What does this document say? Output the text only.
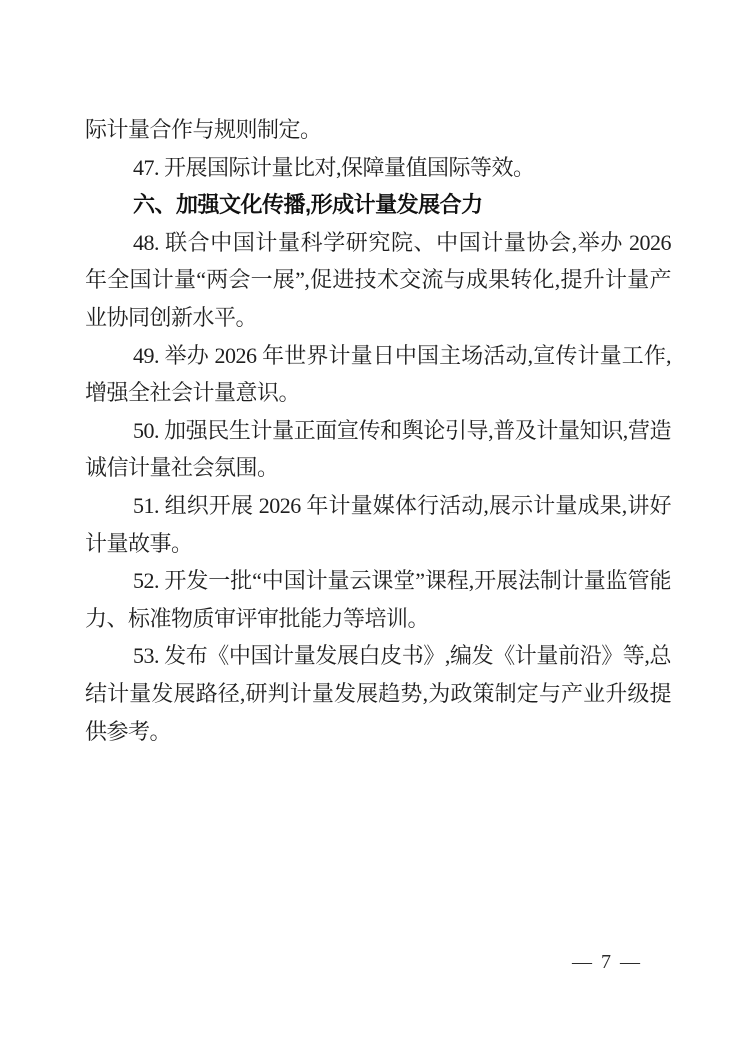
际计量合作与规则制定。

47. 开展国际计量比对,保障量值国际等效。

六、加强文化传播,形成计量发展合力

48. 联合中国计量科学研究院、中国计量协会,举办 2026 年全国计量“两会一展”,促进技术交流与成果转化,提升计量产业协同创新水平。

49. 举办 2026 年世界计量日中国主场活动,宣传计量工作,增强全社会计量意识。

50. 加强民生计量正面宣传和舆论引导,普及计量知识,营造诚信计量社会氛围。

51. 组织开展 2026 年计量媒体行活动,展示计量成果,讲好计量故事。

52. 开发一批“中国计量云课堂”课程,开展法制计量监管能力、标准物质审评审批能力等培训。

53. 发布《中国计量发展白皮书》,编发《计量前沿》等,总结计量发展路径,研判计量发展趋势,为政策制定与产业升级提供参考。

— 7 —
